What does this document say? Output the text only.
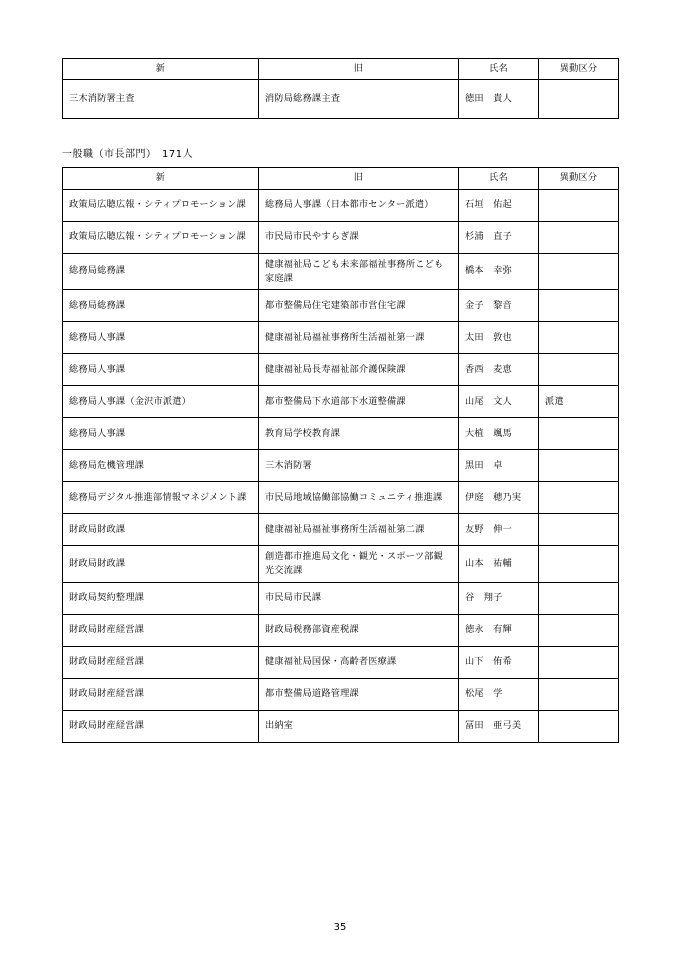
新	旧	氏名	異動区分
三木消防署主査	消防局総務課主査	徳田　貴人	
一般職（市長部門）　171人
新	旧	氏名	異動区分
政策局広聴広報・シティプロモーション課	総務局人事課（日本都市センター派遣）	石垣　佑起	
政策局広聴広報・シティプロモーション課	市民局市民やすらぎ課	杉浦　直子	
総務局総務課	健康福祉局こども未来部福祉事務所こども家庭課	橋本　幸弥	
総務局総務課	都市整備局住宅建築部市営住宅課	金子　黎音	
総務局人事課	健康福祉局福祉事務所生活福祉第一課	太田　敦也	
総務局人事課	健康福祉局長寿福祉部介護保険課	香西　麦恵	
総務局人事課（金沢市派遣）	都市整備局下水道部下水道整備課	山尾　文人	派遣
総務局人事課	教育局学校教育課	大植　颯馬	
総務局危機管理課	三木消防署	黒田　卓	
総務局デジタル推進部情報マネジメント課	市民局地域協働部協働コミュニティ推進課	伊庭　穂乃実	
財政局財政課	健康福祉局福祉事務所生活福祉第二課	友野　伸一	
財政局財政課	創造都市推進局文化・観光・スポーツ部観光交流課	山本　祐輔	
財政局契約整理課	市民局市民課	谷　翔子	
財政局財産経営課	財政局税務部資産税課	徳永　有輝	
財政局財産経営課	健康福祉局国保・高齢者医療課	山下　侑希	
財政局財産経営課	都市整備局道路管理課	松尾　学	
財政局財産経営課	出納室	冨田　亜弓美	
35
